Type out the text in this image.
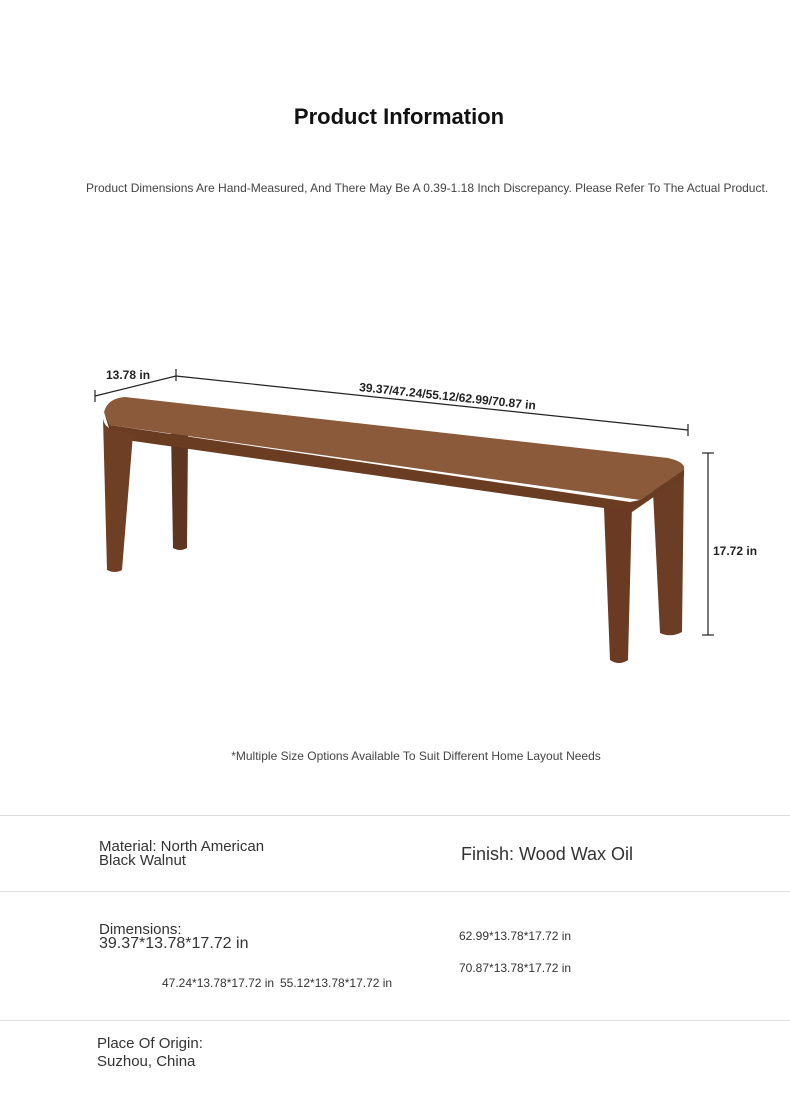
Product Information
Product Dimensions Are Hand-Measured, And There May Be A 0.39-1.18 Inch Discrepancy. Please Refer To The Actual Product.
13.78 in
39.37/47.24/55.12/62.99/70.87 in
17.72 in
*Multiple Size Options Available To Suit Different Home Layout Needs
Material: North American
Black Walnut	Finish: Wood Wax Oil
Dimensions:
39.37*13.78*17.72 in
47.24*13.78*17.72 in 55.12*13.78*17.72 in
62.99*13.78*17.72 in
70.87*13.78*17.72 in
Place Of Origin:
Suzhou, China
